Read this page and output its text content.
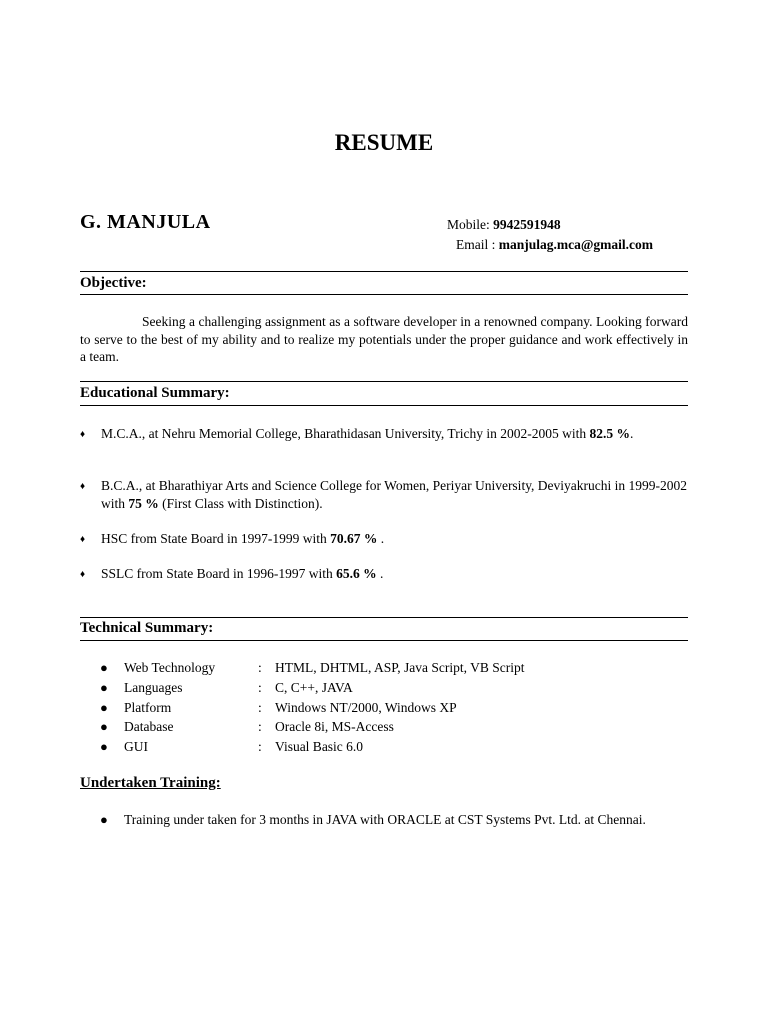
RESUME
G. MANJULA	Mobile: 9942591948
Email : manjulag.mca@gmail.com
Objective:
Seeking a challenging assignment as a software developer in a renowned company. Looking forward to serve to the best of my ability and to realize my potentials under the proper guidance and work effectively in a team.
Educational Summary:
♦ M.C.A., at Nehru Memorial College, Bharathidasan University, Trichy in 2002-2005 with 82.5 %.
♦ B.C.A., at Bharathiyar Arts and Science College for Women, Periyar University, Deviyakruchi in 1999-2002 with 75 % (First Class with Distinction).
♦ HSC from State Board in 1997-1999 with 70.67 % .
♦ SSLC from State Board in 1996-1997 with 65.6 % .
Technical Summary:
● Web Technology	: HTML, DHTML, ASP, Java Script, VB Script
● Languages	: C, C++, JAVA
● Platform	: Windows NT/2000, Windows XP
● Database	: Oracle 8i, MS-Access
● GUI	: Visual Basic 6.0
Undertaken Training:
● Training under taken for 3 months in JAVA with ORACLE at CST Systems Pvt. Ltd. at Chennai.
